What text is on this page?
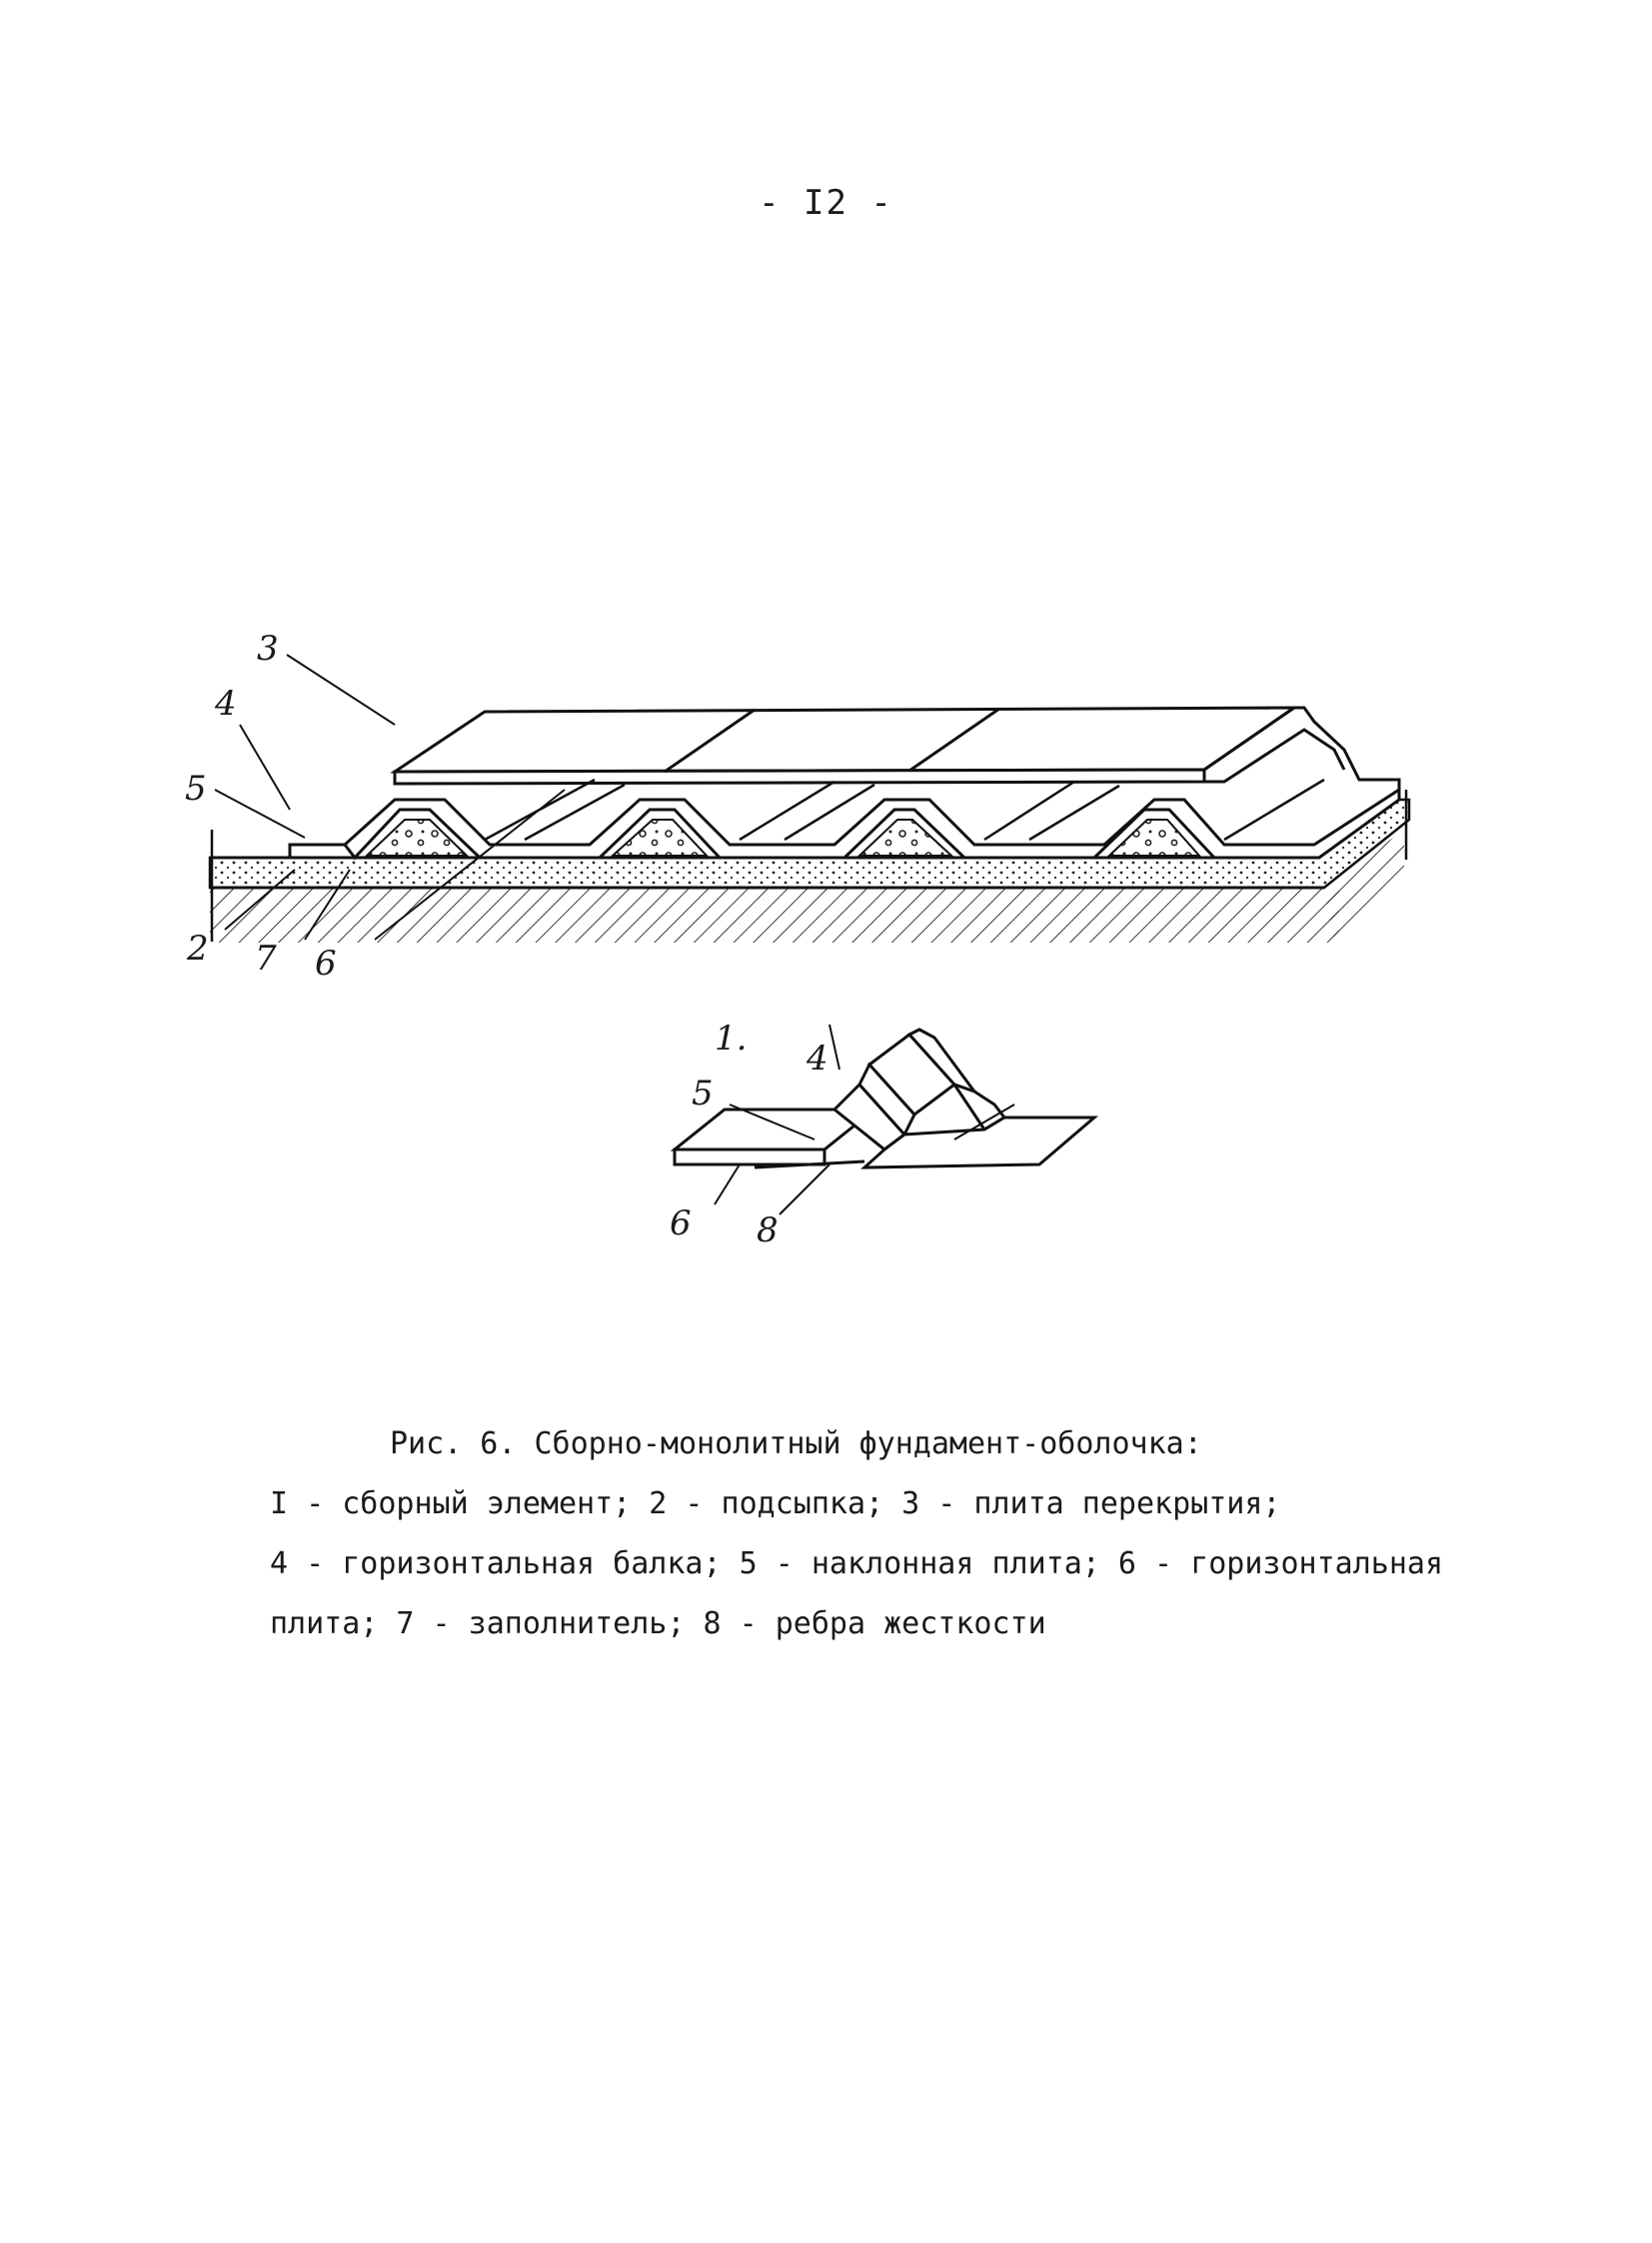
- I2 -
3
4
5
2 7 6
1. 4
5
6 8
Рис. 6. Сборно-монолитный фундамент-оболочка:
I - сборный элемент; 2 - подсыпка; 3 - плита перекрытия;
4 - горизонтальная балка; 5 - наклонная плита; 6 - горизонтальная
плита; 7 - заполнитель; 8 - ребра жесткости
